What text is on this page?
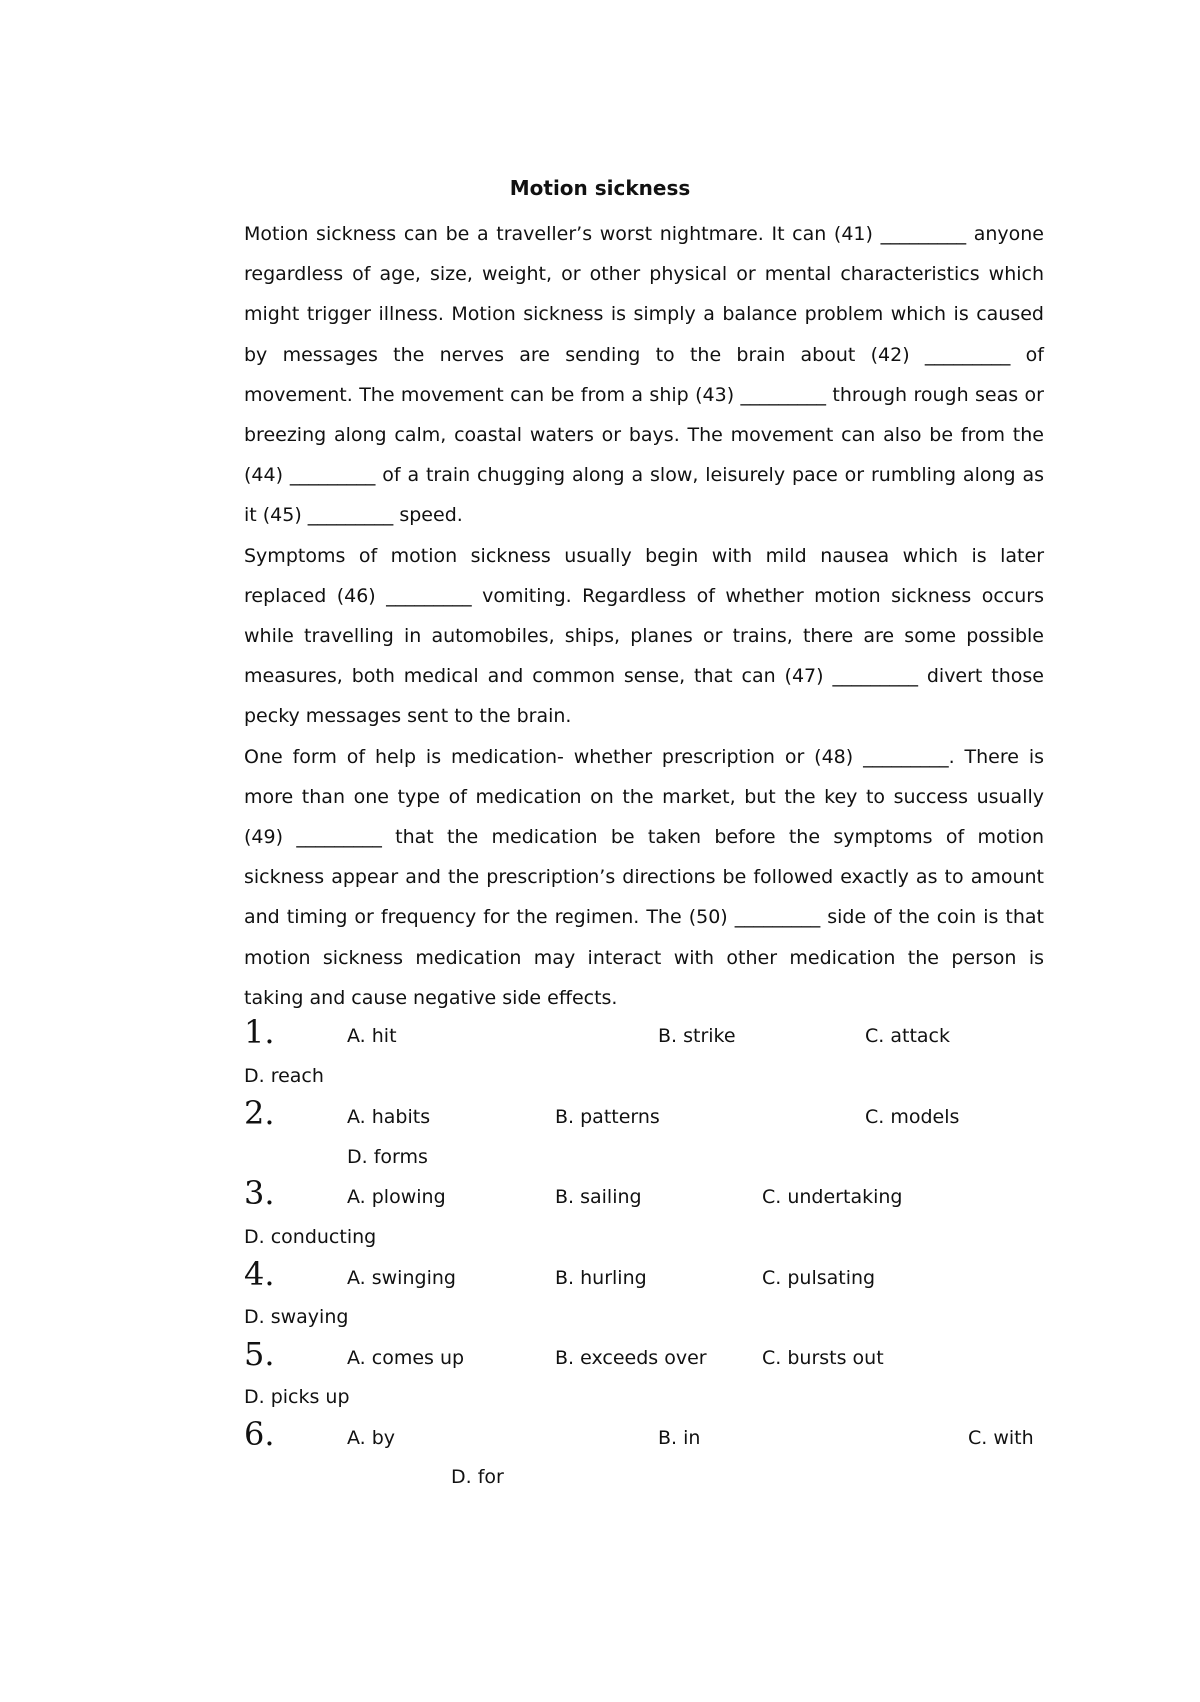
Motion sickness

Motion sickness can be a traveller’s worst nightmare. It can (41) _________ anyone regardless of age, size, weight, or other physical or mental characteristics which might trigger illness. Motion sickness is simply a balance problem which is caused by messages the nerves are sending to the brain about (42) _________ of movement. The movement can be from a ship (43) _________ through rough seas or breezing along calm, coastal waters or bays. The movement can also be from the (44) _________ of a train chugging along a slow, leisurely pace or rumbling along as it (45) _________ speed.

Symptoms of motion sickness usually begin with mild nausea which is later replaced (46) _________ vomiting. Regardless of whether motion sickness occurs while travelling in automobiles, ships, planes or trains, there are some possible measures, both medical and common sense, that can (47) _________ divert those pecky messages sent to the brain.

One form of help is medication- whether prescription or (48) _________. There is more than one type of medication on the market, but the key to success usually (49) _________ that the medication be taken before the symptoms of motion sickness appear and the prescription’s directions be followed exactly as to amount and timing or frequency for the regimen. The (50) _________ side of the coin is that motion sickness medication may interact with other medication the person is taking and cause negative side effects.

1.	A. hit	B. strike	C. attack
D. reach
2.	A. habits	B. patterns	C. models
D. forms
3.	A. plowing	B. sailing	C. undertaking
D. conducting
4.	A. swinging	B. hurling	C. pulsating
D. swaying
5.	A. comes up	B. exceeds over	C. bursts out
D. picks up
6.	A. by	B. in	C. with
D. for
